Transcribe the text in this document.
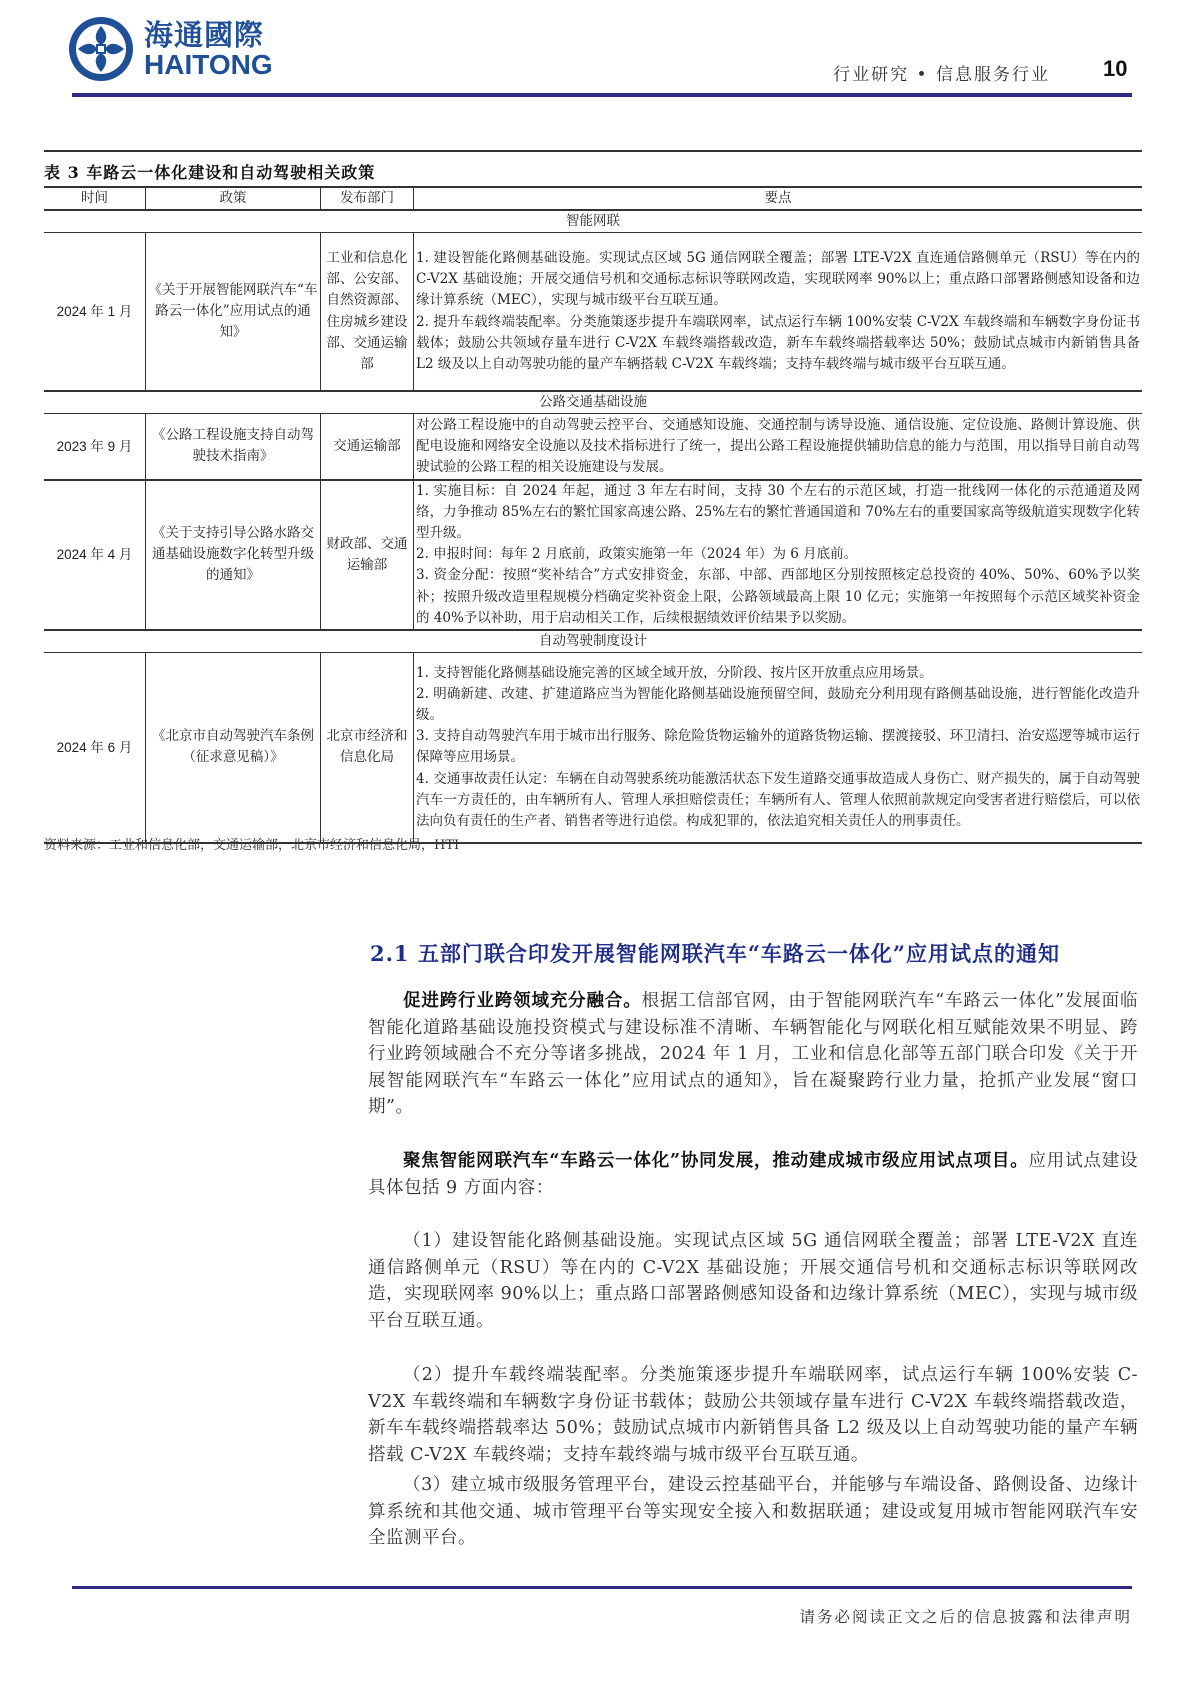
海通國際
HAITONG	行业研究 • 信息服务行业 10
表 3 车路云一体化建设和自动驾驶相关政策
时间	政策	发布部门	要点
智能网联			
2024 年 1 月	《关于开展智能网联汽车“车路云一体化”应用试点的通知》	工业和信息化部、公安部、自然资源部、住房城乡建设部、交通运输部	1. 建设智能化路侧基础设施。实现试点区域 5G 通信网联全覆盖；部署 LTE-V2X 直连通信路侧单元（RSU）等在内的 C-V2X 基础设施；开展交通信号机和交通标志标识等联网改造，实现联网率 90%以上；重点路口部署路侧感知设备和边缘计算系统（MEC），实现与城市级平台互联互通。
2. 提升车载终端装配率。分类施策逐步提升车端联网率，试点运行车辆 100%安装 C-V2X 车载终端和车辆数字身份证书载体；鼓励公共领域存量车进行 C-V2X 车载终端搭载改造，新车车载终端搭载率达 50%；鼓励试点城市内新销售具备 L2 级及以上自动驾驶功能的量产车辆搭载 C-V2X 车载终端；支持车载终端与城市级平台互联互通。

公路交通基础设施			
2023 年 9 月	《公路工程设施支持自动驾驶技术指南》	交通运输部	对公路工程设施中的自动驾驶云控平台、交通感知设施、交通控制与诱导设施、通信设施、定位设施、路侧计算设施、供配电设施和网络安全设施以及技术指标进行了统一，提出公路工程设施提供辅助信息的能力与范围，用以指导目前自动驾驶试验的公路工程的相关设施建设与发展。

2024 年 4 月	《关于支持引导公路水路交通基础设施数字化转型升级的通知》	财政部、交通运输部	1. 实施目标：自 2024 年起，通过 3 年左右时间，支持 30 个左右的示范区域，打造一批线网一体化的示范通道及网络，力争推动 85%左右的繁忙国家高速公路、25%左右的繁忙普通国道和 70%左右的重要国家高等级航道实现数字化转型升级。
2. 申报时间：每年 2 月底前，政策实施第一年（2024 年）为 6 月底前。
3. 资金分配：按照“奖补结合”方式安排资金，东部、中部、西部地区分别按照核定总投资的 40%、50%、60%予以奖补；按照升级改造里程规模分档确定奖补资金上限，公路领域最高上限 10 亿元；实施第一年按照每个示范区域奖补资金的 40%予以补助，用于启动相关工作，后续根据绩效评价结果予以奖励。

自动驾驶制度设计			
2024 年 6 月	《北京市自动驾驶汽车条例（征求意见稿）》	北京市经济和信息化局	1. 支持智能化路侧基础设施完善的区域全域开放，分阶段、按片区开放重点应用场景。
2. 明确新建、改建、扩建道路应当为智能化路侧基础设施预留空间，鼓励充分利用现有路侧基础设施，进行智能化改造升级。
3. 支持自动驾驶汽车用于城市出行服务、除危险货物运输外的道路货物运输、摆渡接驳、环卫清扫、治安巡逻等城市运行保障等应用场景。
4. 交通事故责任认定：车辆在自动驾驶系统功能激活状态下发生道路交通事故造成人身伤亡、财产损失的，属于自动驾驶汽车一方责任的，由车辆所有人、管理人承担赔偿责任；车辆所有人、管理人依照前款规定向受害者进行赔偿后，可以依法向负有责任的生产者、销售者等进行追偿。构成犯罪的，依法追究相关责任人的刑事责任。
资料来源：工业和信息化部，交通运输部，北京市经济和信息化局，HTI
2.1 五部门联合印发开展智能网联汽车“车路云一体化”应用试点的通知
促进跨行业跨领域充分融合。根据工信部官网，由于智能网联汽车“车路云一体化”发展面临智能化道路基础设施投资模式与建设标准不清晰、车辆智能化与网联化相互赋能效果不明显、跨行业跨领域融合不充分等诸多挑战，2024 年 1 月，工业和信息化部等五部门联合印发《关于开展智能网联汽车“车路云一体化”应用试点的通知》，旨在凝聚跨行业力量，抢抓产业发展“窗口期”。
聚焦智能网联汽车“车路云一体化”协同发展，推动建成城市级应用试点项目。应用试点建设具体包括 9 方面内容：
（1）建设智能化路侧基础设施。实现试点区域 5G 通信网联全覆盖；部署 LTE-V2X 直连通信路侧单元（RSU）等在内的 C-V2X 基础设施；开展交通信号机和交通标志标识等联网改造，实现联网率 90%以上；重点路口部署路侧感知设备和边缘计算系统（MEC），实现与城市级平台互联互通。
（2）提升车载终端装配率。分类施策逐步提升车端联网率，试点运行车辆 100%安装 C-V2X 车载终端和车辆数字身份证书载体；鼓励公共领域存量车进行 C-V2X 车载终端搭载改造，新车车载终端搭载率达 50%；鼓励试点城市内新销售具备 L2 级及以上自动驾驶功能的量产车辆搭载 C-V2X 车载终端；支持车载终端与城市级平台互联互通。
（3）建立城市级服务管理平台，建设云控基础平台，并能够与车端设备、路侧设备、边缘计算系统和其他交通、城市管理平台等实现安全接入和数据联通；建设或复用城市智能网联汽车安全监测平台。
请务必阅读正文之后的信息披露和法律声明
